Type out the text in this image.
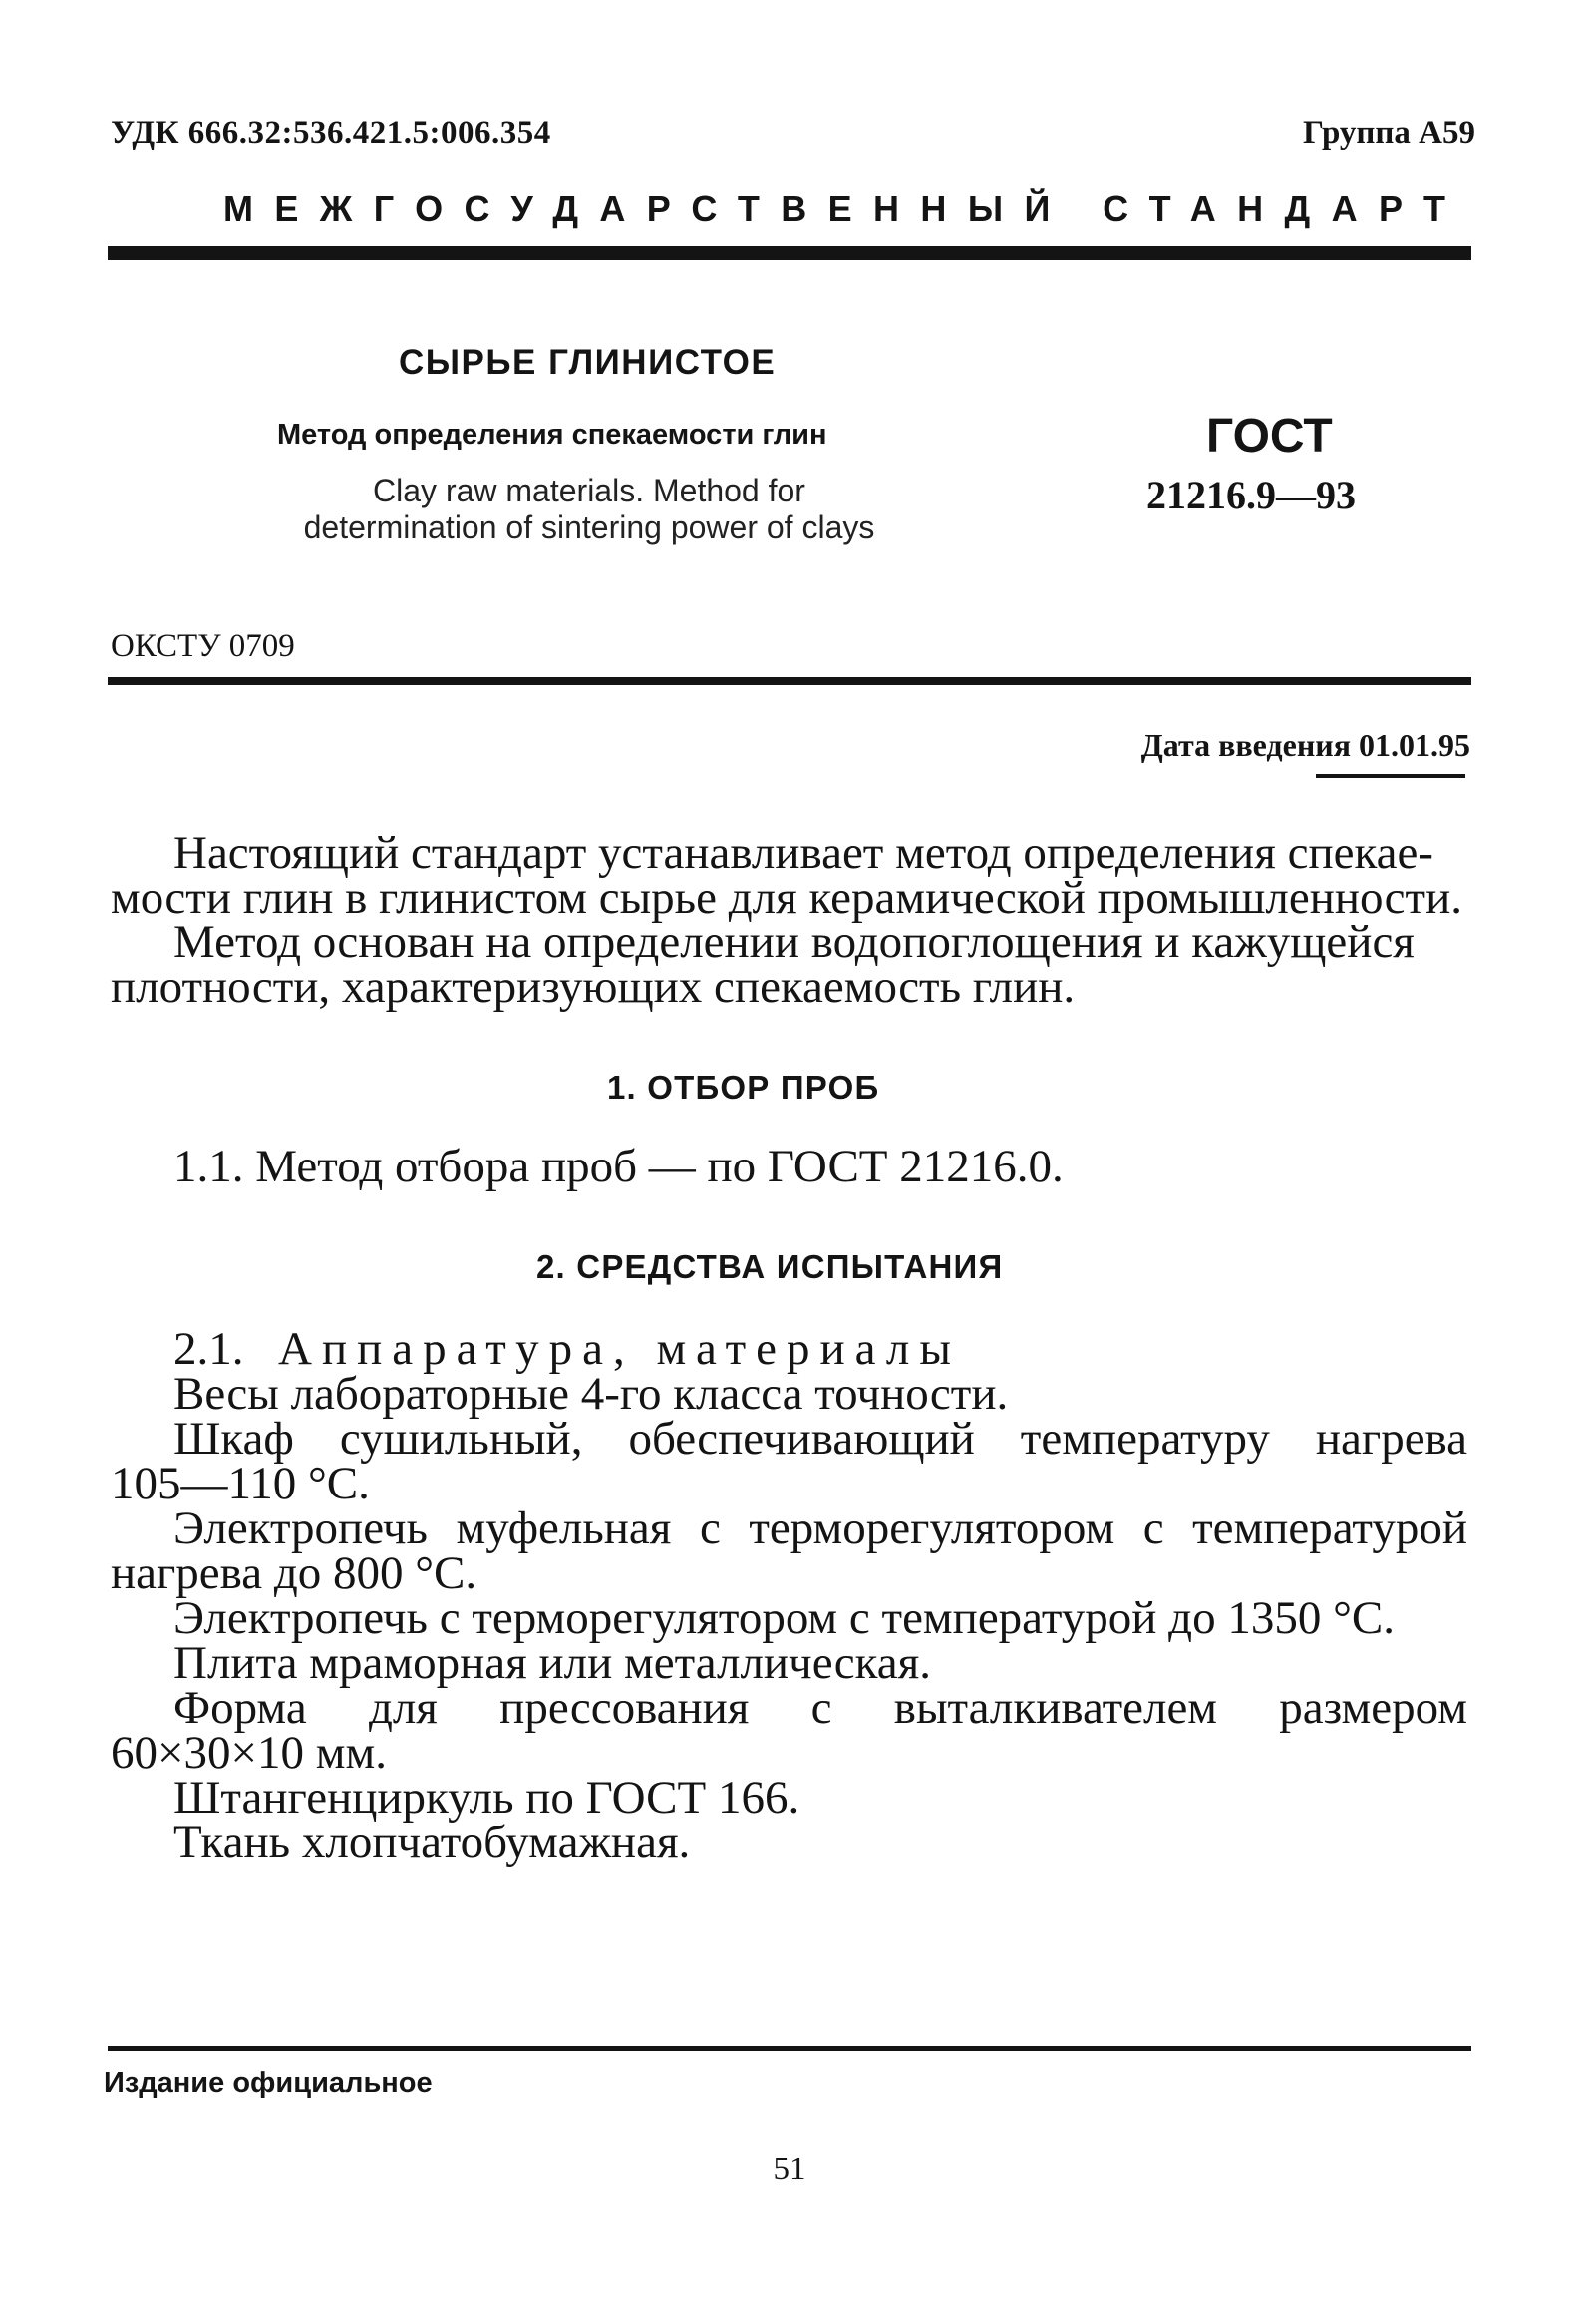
УДК 666.32:536.421.5:006.354	Группа А59
МЕЖГОСУДАРСТВЕННЫЙ СТАНДАРТ
СЫРЬЕ ГЛИНИСТОЕ
Метод определения спекаемости глин
Clay raw materials. Method for
determination of sintering power of clays
ГОСТ
21216.9—93
ОКСТУ 0709
Дата введения 01.01.95
Настоящий стандарт устанавливает метод определения спекае-
мости глин в глинистом сырье для керамической промышленности.
Метод основан на определении водопоглощения и кажущейся
плотности, характеризующих спекаемость глин.
1. ОТБОР ПРОБ
1.1. Метод отбора проб — по ГОСТ 21216.0.
2. СРЕДСТВА ИСПЫТАНИЯ
2.1. Аппаратура, материалы
Весы лабораторные 4-го класса точности.
Шкаф сушильный, обеспечивающий температуру нагрева
105—110 °С.
Электропечь муфельная с терморегулятором с температурой
нагрева до 800 °С.
Электропечь с терморегулятором с температурой до 1350 °С.
Плита мраморная или металлическая.
Форма для прессования с выталкивателем размером
60×30×10 мм.
Штангенциркуль по ГОСТ 166.
Ткань хлопчатобумажная.
Издание официальное
51
